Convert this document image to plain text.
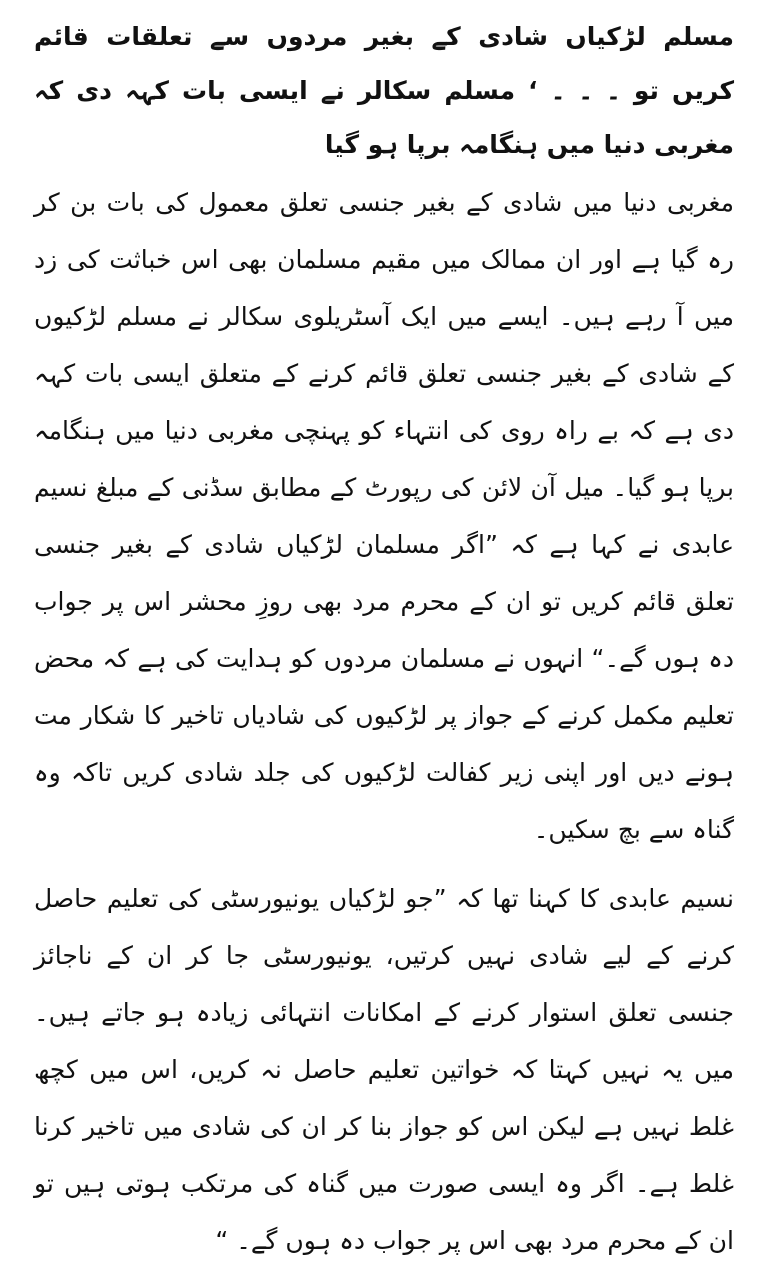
مسلم لڑکیاں شادی کے بغیر مردوں سے تعلقات قائم کریں تو ۔ ۔ ۔ ‘ مسلم سکالر نے ایسی بات کہہ دی کہ مغربی دنیا میں ہنگامہ برپا ہو گیا

مغربی دنیا میں شادی کے بغیر جنسی تعلق معمول کی بات بن کر رہ گیا ہے اور ان ممالک میں مقیم مسلمان بھی اس خباثت کی زد میں آ رہے ہیں۔ ایسے میں ایک آسٹریلوی سکالر نے مسلم لڑکیوں کے شادی کے بغیر جنسی تعلق قائم کرنے کے متعلق ایسی بات کہہ دی ہے کہ بے راہ روی کی انتہاء کو پہنچی مغربی دنیا میں ہنگامہ برپا ہو گیا۔ میل آن لائن کی رپورٹ کے مطابق سڈنی کے مبلغ نسیم عابدی نے کہا ہے کہ ”اگر مسلمان لڑکیاں شادی کے بغیر جنسی تعلق قائم کریں تو ان کے محرم مرد بھی روزِ محشر اس پر جواب دہ ہوں گے۔“ انہوں نے مسلمان مردوں کو ہدایت کی ہے کہ محض تعلیم مکمل کرنے کے جواز پر لڑکیوں کی شادیاں تاخیر کا شکار مت ہونے دیں اور اپنی زیر کفالت لڑکیوں کی جلد شادی کریں تاکہ وہ گناہ سے بچ سکیں۔

نسیم عابدی کا کہنا تھا کہ ”جو لڑکیاں یونیورسٹی کی تعلیم حاصل کرنے کے لیے شادی نہیں کرتیں، یونیورسٹی جا کر ان کے ناجائز جنسی تعلق استوار کرنے کے امکانات انتہائی زیادہ ہو جاتے ہیں۔ میں یہ نہیں کہتا کہ خواتین تعلیم حاصل نہ کریں، اس میں کچھ غلط نہیں ہے لیکن اس کو جواز بنا کر ان کی شادی میں تاخیر کرنا غلط ہے۔ اگر وہ ایسی صورت میں گناہ کی مرتکب ہوتی ہیں تو ان کے محرم مرد بھی اس پر جواب دہ ہوں گے۔ “
